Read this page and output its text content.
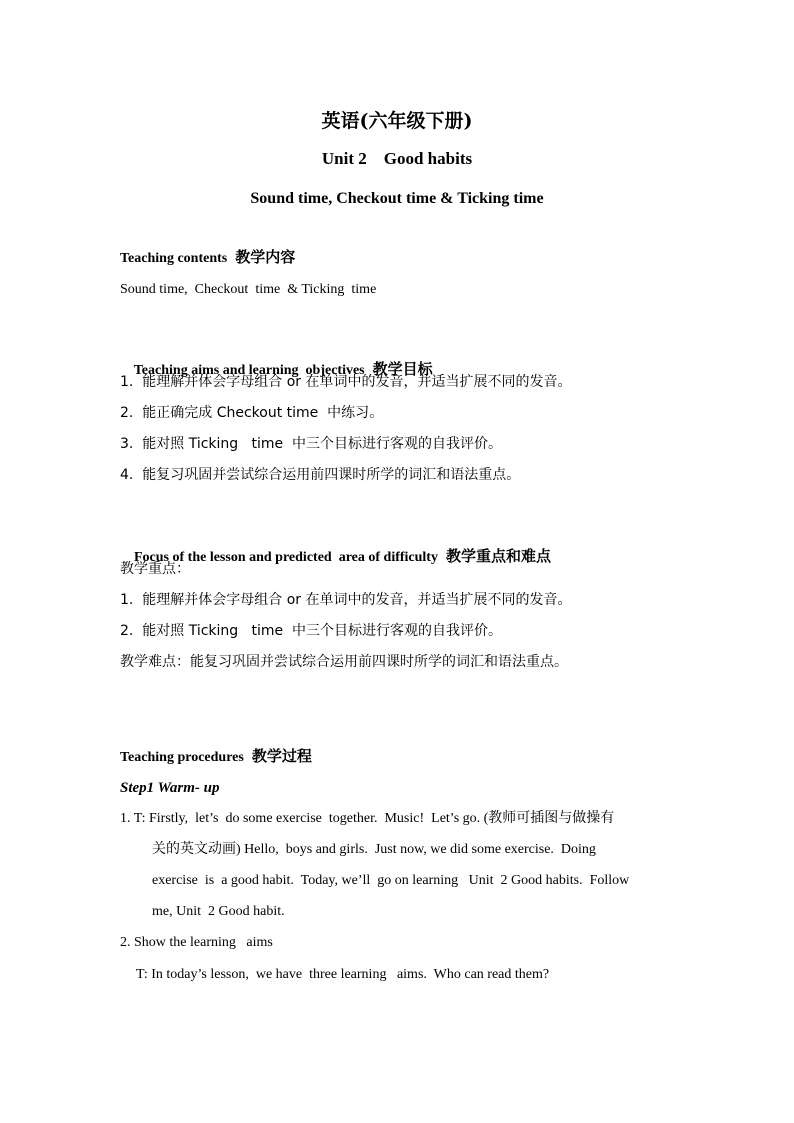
英语(六年级下册)
Unit 2    Good habits
Sound time, Checkout time & Ticking time
Teaching contents 教学内容
Sound time,  Checkout  time  & Ticking  time

Teaching aims and learning  objectives 教学目标

1.  能理解并体会字母组合 or 在单词中的发音，并适当扩展不同的发音。
2.  能正确完成 Checkout time  中练习。
3.  能对照 Ticking   time  中三个目标进行客观的自我评价。
4.  能复习巩固并尝试综合运用前四课时所学的词汇和语法重点。

Focus of the lesson and predicted  area of difficulty 教学重点和难点

教学重点：
1.  能理解并体会字母组合 or 在单词中的发音，并适当扩展不同的发音。
2.  能对照 Ticking   time  中三个目标进行客观的自我评价。
教学难点：能复习巩固并尝试综合运用前四课时所学的词汇和语法重点。
Teaching procedures 教学过程
Step1 Warm- up
1. T: Firstly,  let’s  do some exercise  together.  Music!  Let’s go. (教师可插图与做操有
关的英文动画) Hello,  boys and girls.  Just now, we did some exercise.  Doing
exercise  is  a good habit.  Today, we’ll  go on learning   Unit  2 Good habits.  Follow
me, Unit  2 Good habit.
2. Show the learning   aims
T: In today’s lesson,  we have  three learning   aims.  Who can read them?
